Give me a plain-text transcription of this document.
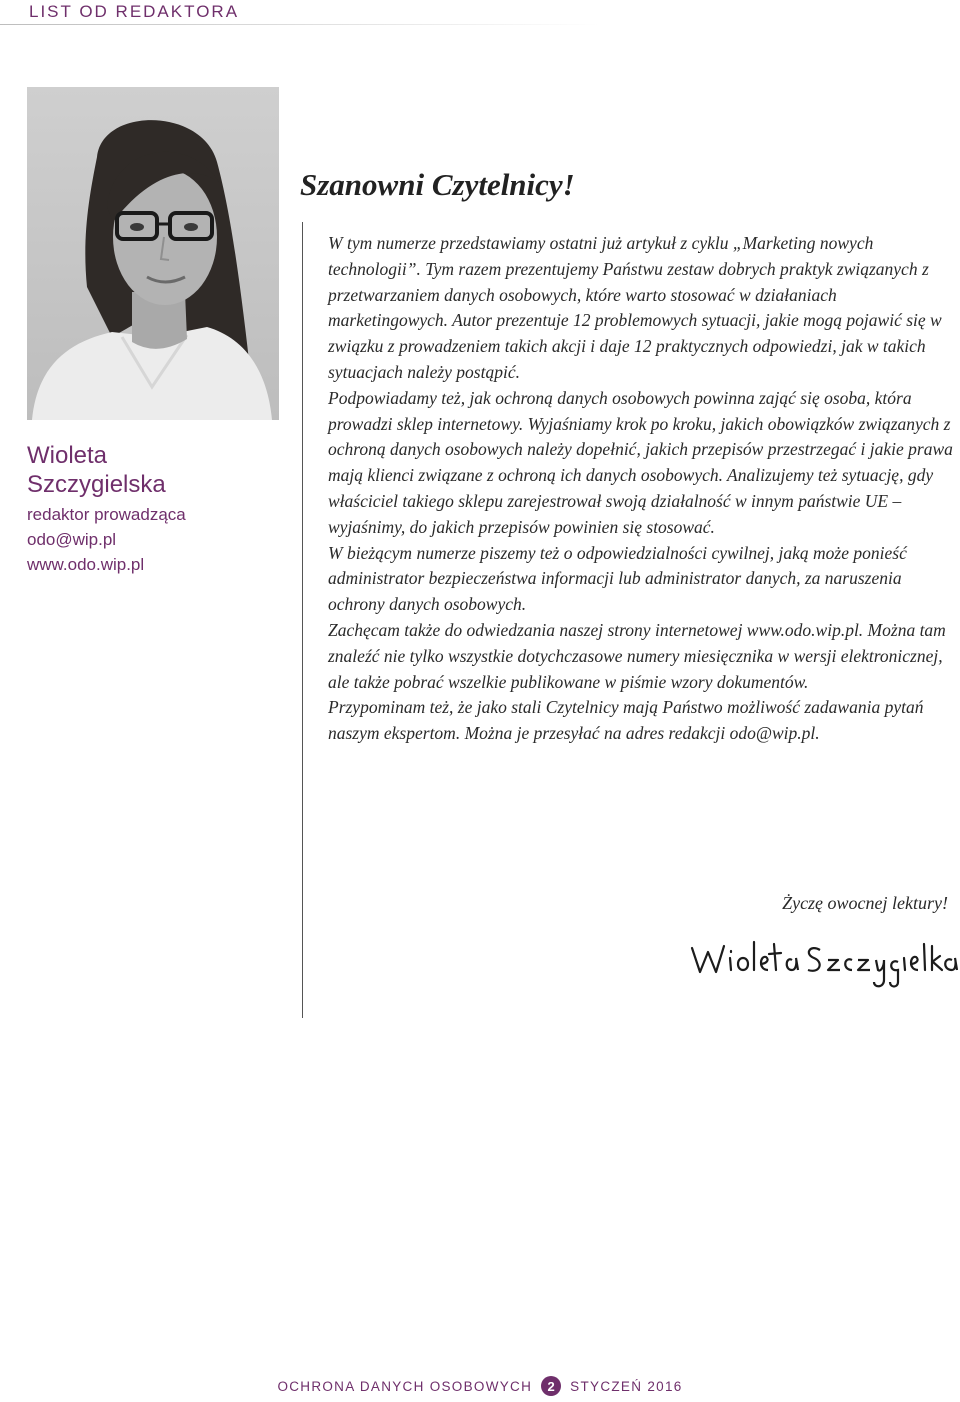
LIST OD REDAKTORA

Wioleta

Szczygielska

redaktor prowadząca

odo@wip.pl

www.odo.wip.pl

Szanowni Czytelnicy!
W tym numerze przedstawiamy ostatni już artykuł z cyklu „Marketing nowych technologii”. Tym razem prezentujemy Państwu zestaw dobrych praktyk związanych z przetwarzaniem danych osobowych, które warto stosować w działaniach marketingowych. Autor prezentuje 12 problemowych sytuacji, jakie mogą pojawić się w związku z prowadzeniem takich akcji i daje 12 praktycznych odpowiedzi, jak w takich sytuacjach należy postąpić.
Podpowiadamy też, jak ochroną danych osobowych powinna zająć się osoba, która prowadzi sklep internetowy. Wyjaśniamy krok po kroku, jakich obowiązków związanych z ochroną danych osobowych należy dopełnić, jakich przepisów przestrzegać i jakie prawa mają klienci związane z ochroną ich danych osobowych. Analizujemy też sytuację, gdy właściciel takiego sklepu zarejestrował swoją działalność w innym państwie UE – wyjaśnimy, do jakich przepisów powinien się stosować.
W bieżącym numerze piszemy też o odpowiedzialności cywilnej, jaką może ponieść administrator bezpieczeństwa informacji lub administrator danych, za naruszenia ochrony danych osobowych.
Zachęcam także do odwiedzania naszej strony internetowej www.odo.wip.pl. Można tam znaleźć nie tylko wszystkie dotychczasowe numery miesięcznika w wersji elektronicznej, ale także pobrać wszelkie publikowane w piśmie wzory dokumentów.
Przypominam też, że jako stali Czytelnicy mają Państwo możliwość zadawania pytań naszym ekspertom. Można je przesyłać na adres redakcji odo@wip.pl.

Życzę owocnej lektury!

OCHRONA DANYCH OSOBOWYCH	2	STYCZEŃ 2016
